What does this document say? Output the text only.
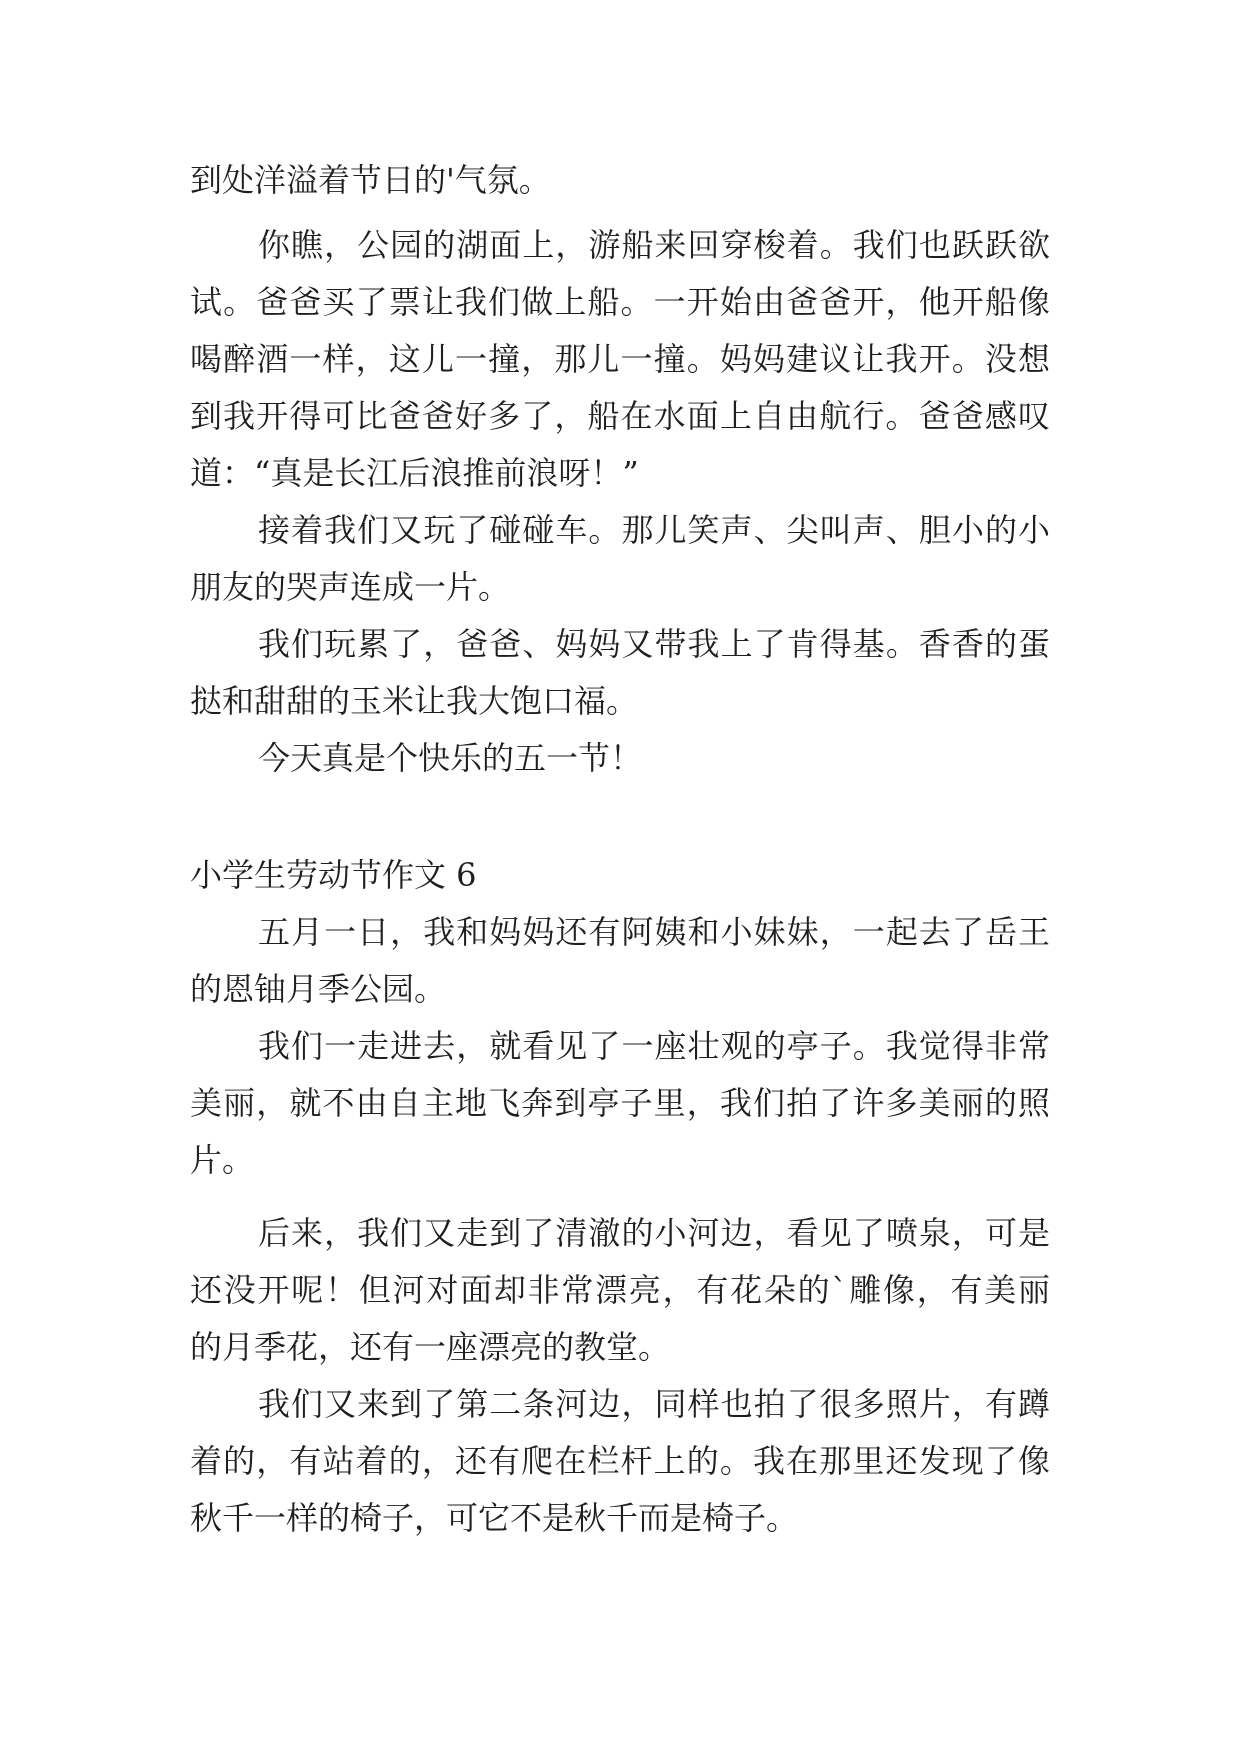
到处洋溢着节日的'气氛。

你瞧，公园的湖面上，游船来回穿梭着。我们也跃跃欲

试。爸爸买了票让我们做上船。一开始由爸爸开，他开船像

喝醉酒一样，这儿一撞，那儿一撞。妈妈建议让我开。没想

到我开得可比爸爸好多了，船在水面上自由航行。爸爸感叹

道：“真是长江后浪推前浪呀！”

接着我们又玩了碰碰车。那儿笑声、尖叫声、胆小的小

朋友的哭声连成一片。

我们玩累了，爸爸、妈妈又带我上了肯得基。香香的蛋

挞和甜甜的玉米让我大饱口福。

今天真是个快乐的五一节！

小学生劳动节作文 6

五月一日，我和妈妈还有阿姨和小妹妹，一起去了岳王

的恩铀月季公园。

我们一走进去，就看见了一座壮观的亭子。我觉得非常

美丽，就不由自主地飞奔到亭子里，我们拍了许多美丽的照

片。

后来，我们又走到了清澈的小河边，看见了喷泉，可是

还没开呢！但河对面却非常漂亮，有花朵的`雕像，有美丽

的月季花，还有一座漂亮的教堂。

我们又来到了第二条河边，同样也拍了很多照片，有蹲

着的，有站着的，还有爬在栏杆上的。我在那里还发现了像

秋千一样的椅子，可它不是秋千而是椅子。
